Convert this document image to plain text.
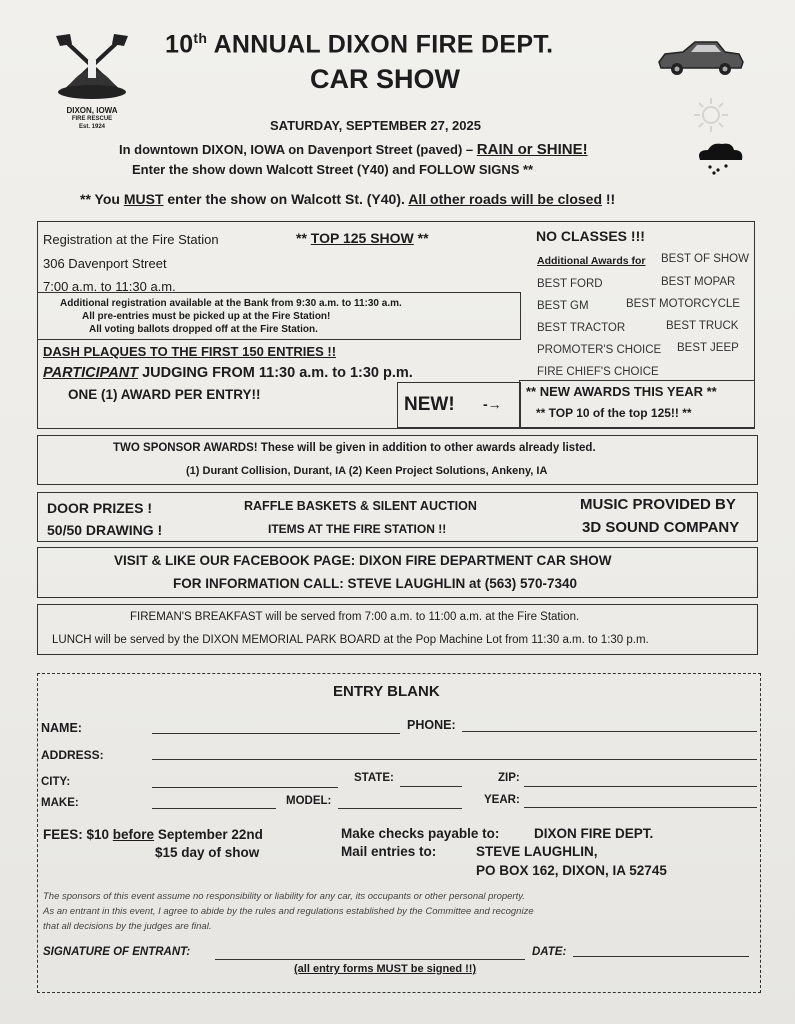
DIXON, IOWA
FIRE RESCUE
Est. 1924
10th ANNUAL DIXON FIRE DEPT.
CAR SHOW
SATURDAY, SEPTEMBER 27, 2025
In downtown DIXON, IOWA on Davenport Street (paved) – RAIN or SHINE!
Enter the show down Walcott Street (Y40) and FOLLOW SIGNS **
** You MUST enter the show on Walcott St. (Y40). All other roads will be closed !!
Registration at the Fire Station
306 Davenport Street
7:00 a.m. to 11:30 a.m.
** TOP 125 SHOW **
Additional registration available at the Bank from 9:30 a.m. to 11:30 a.m.
All pre-entries must be picked up at the Fire Station!
All voting ballots dropped off at the Fire Station.
DASH PLAQUES TO THE FIRST 150 ENTRIES !!
PARTICIPANT JUDGING FROM 11:30 a.m. to 1:30 p.m.
ONE (1) AWARD PER ENTRY!!	NEW! -→
** NEW AWARDS THIS YEAR **
** TOP 10 of the top 125!! **
NO CLASSES !!!
Additional Awards for BEST OF SHOW
BEST FORD	BEST MOPAR
BEST GM	BEST MOTORCYCLE
BEST TRACTOR	BEST TRUCK
PROMOTER'S CHOICE BEST JEEP
FIRE CHIEF'S CHOICE
TWO SPONSOR AWARDS! These will be given in addition to other awards already listed.
(1) Durant Collision, Durant, IA (2) Keen Project Solutions, Ankeny, IA
DOOR PRIZES !
50/50 DRAWING !
RAFFLE BASKETS & SILENT AUCTION
ITEMS AT THE FIRE STATION !!
MUSIC PROVIDED BY
3D SOUND COMPANY
VISIT & LIKE OUR FACEBOOK PAGE: DIXON FIRE DEPARTMENT CAR SHOW
FOR INFORMATION CALL: STEVE LAUGHLIN at (563) 570-7340
FIREMAN'S BREAKFAST will be served from 7:00 a.m. to 11:00 a.m. at the Fire Station.
LUNCH will be served by the DIXON MEMORIAL PARK BOARD at the Pop Machine Lot from 11:30 a.m. to 1:30 p.m.
ENTRY BLANK
NAME:	PHONE:
ADDRESS:
CITY:	STATE:	ZIP:
MAKE:	MODEL:	YEAR:
FEES: $10 before September 22nd
$15 day of show
Make checks payable to:	DIXON FIRE DEPT.
Mail entries to:	STEVE LAUGHLIN,
PO BOX 162, DIXON, IA 52745
The sponsors of this event assume no responsibility or liability for any car, its occupants or other personal property.
As an entrant in this event, I agree to abide by the rules and regulations established by the Committee and recognize
that all decisions by the judges are final.
SIGNATURE OF ENTRANT:	DATE:
(all entry forms MUST be signed !!)
